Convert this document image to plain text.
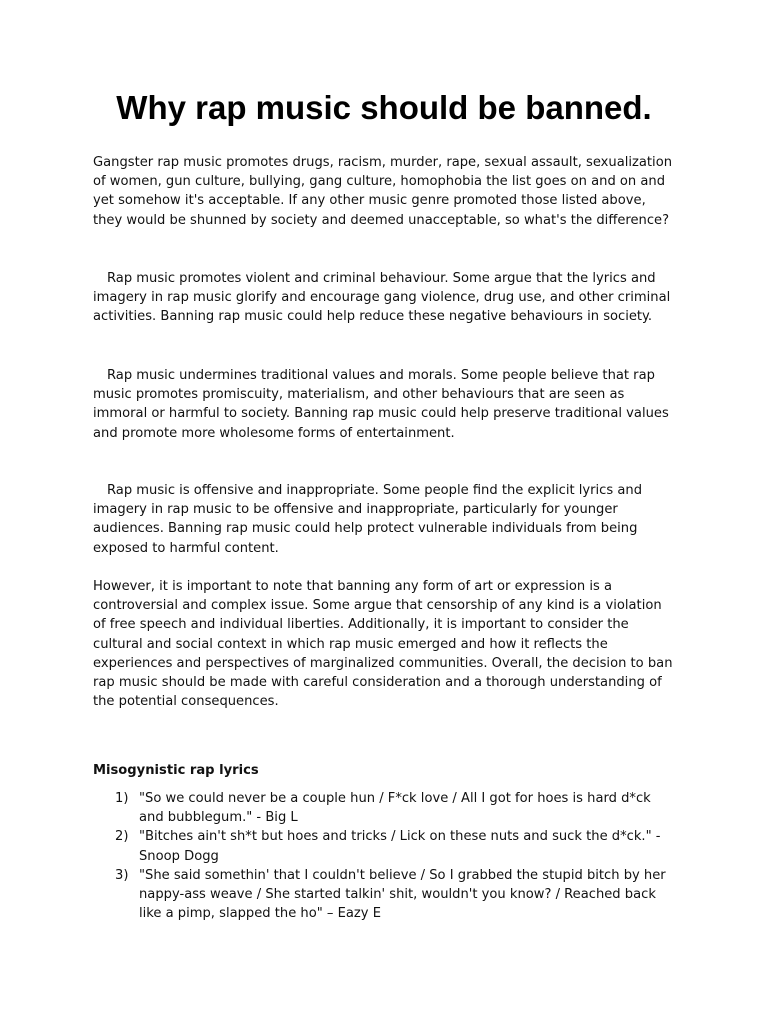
Why rap music should be banned.

Gangster rap music promotes drugs, racism, murder, rape, sexual assault, sexualization of women, gun culture, bullying, gang culture, homophobia the list goes on and on and yet somehow it's acceptable. If any other music genre promoted those listed above, they would be shunned by society and deemed unacceptable, so what's the difference?

Rap music promotes violent and criminal behaviour. Some argue that the lyrics and imagery in rap music glorify and encourage gang violence, drug use, and other criminal activities. Banning rap music could help reduce these negative behaviours in society.

Rap music undermines traditional values and morals. Some people believe that rap music promotes promiscuity, materialism, and other behaviours that are seen as immoral or harmful to society. Banning rap music could help preserve traditional values and promote more wholesome forms of entertainment.

Rap music is offensive and inappropriate. Some people find the explicit lyrics and imagery in rap music to be offensive and inappropriate, particularly for younger audiences. Banning rap music could help protect vulnerable individuals from being exposed to harmful content.

However, it is important to note that banning any form of art or expression is a controversial and complex issue. Some argue that censorship of any kind is a violation of free speech and individual liberties. Additionally, it is important to consider the cultural and social context in which rap music emerged and how it reflects the experiences and perspectives of marginalized communities. Overall, the decision to ban rap music should be made with careful consideration and a thorough understanding of the potential consequences.

Misogynistic rap lyrics
1) "So we could never be a couple hun / F*ck love / All I got for hoes is hard d*ck and bubblegum." - Big L
2) "Bitches ain't sh*t but hoes and tricks / Lick on these nuts and suck the d*ck." - Snoop Dogg
3) "She said somethin' that I couldn't believe / So I grabbed the stupid bitch by her nappy-ass weave / She started talkin' shit, wouldn't you know? / Reached back like a pimp, slapped the ho" – Eazy E
